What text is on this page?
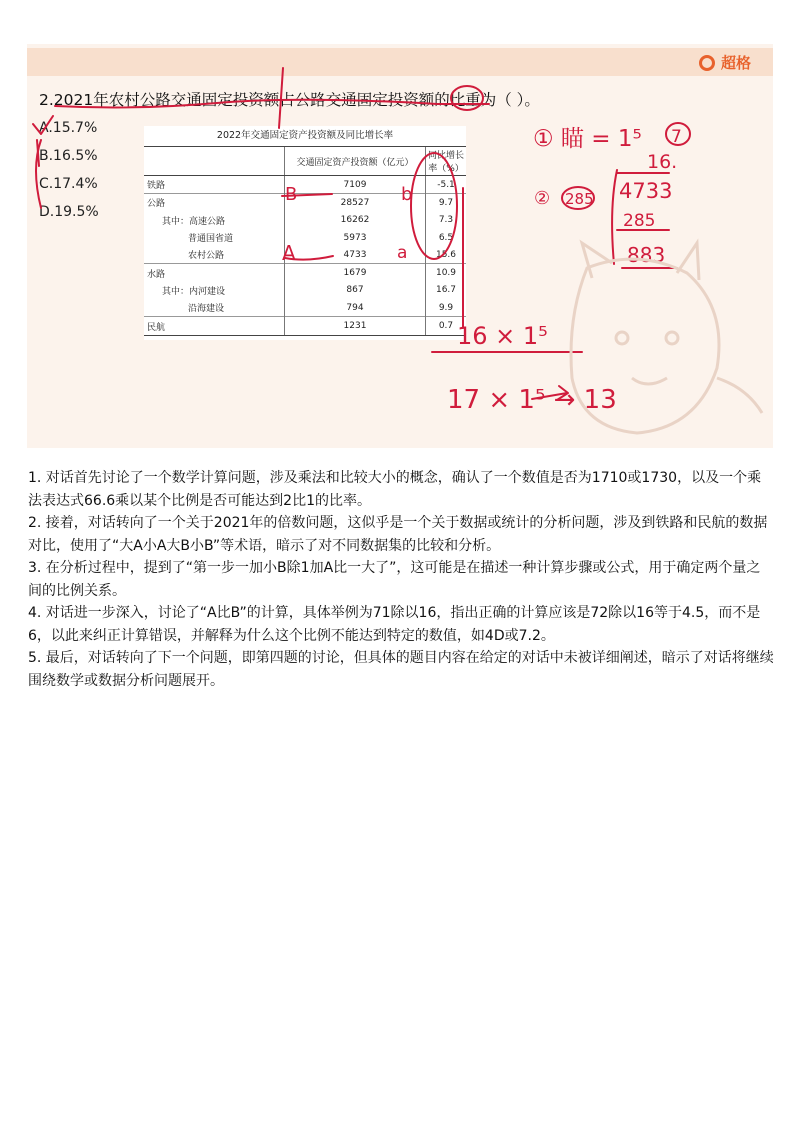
超格
2.2021年农村公路交通固定投资额占公路交通固定投资额的比重为（ ）。
A.15.7%
B.16.5%
C.17.4%
D.19.5%
2022年交通固定资产投资额及同比增长率
	交通固定资产投资额（亿元）	同比增长率（%）
铁路	7109	-5.1
公路	28527	9.7
其中：高速公路	16262	7.3
普通国省道	5973	6.5
农村公路	4733	15.6
水路	1679	10.9
其中：内河建设	867	16.7
沿海建设	794	9.9
民航	1231	0.7
① 瞄 = 1⁵ 7
16.
② 285 4733
285
883
B	b
A	a
16 × 1⁵
17 × 1⁵ → 13

1. 对话首先讨论了一个数学计算问题，涉及乘法和比较大小的概念，确认了一个数值是否为1710或1730，以及一个乘法表达式66.6乘以某个比例是否可能达到2比1的比率。

2. 接着，对话转向了一个关于2021年的倍数问题，这似乎是一个关于数据或统计的分析问题，涉及到铁路和民航的数据对比，使用了“大A小A大B小B”等术语，暗示了对不同数据集的比较和分析。

3. 在分析过程中，提到了“第一步一加小B除1加A比一大了”，这可能是在描述一种计算步骤或公式，用于确定两个量之间的比例关系。

4. 对话进一步深入，讨论了“A比B”的计算，具体举例为71除以16，指出正确的计算应该是72除以16等于4.5，而不是6，以此来纠正计算错误，并解释为什么这个比例不能达到特定的数值，如4D或7.2。

5. 最后，对话转向了下一个问题，即第四题的讨论，但具体的题目内容在给定的对话中未被详细阐述，暗示了对话将继续围绕数学或数据分析问题展开。
